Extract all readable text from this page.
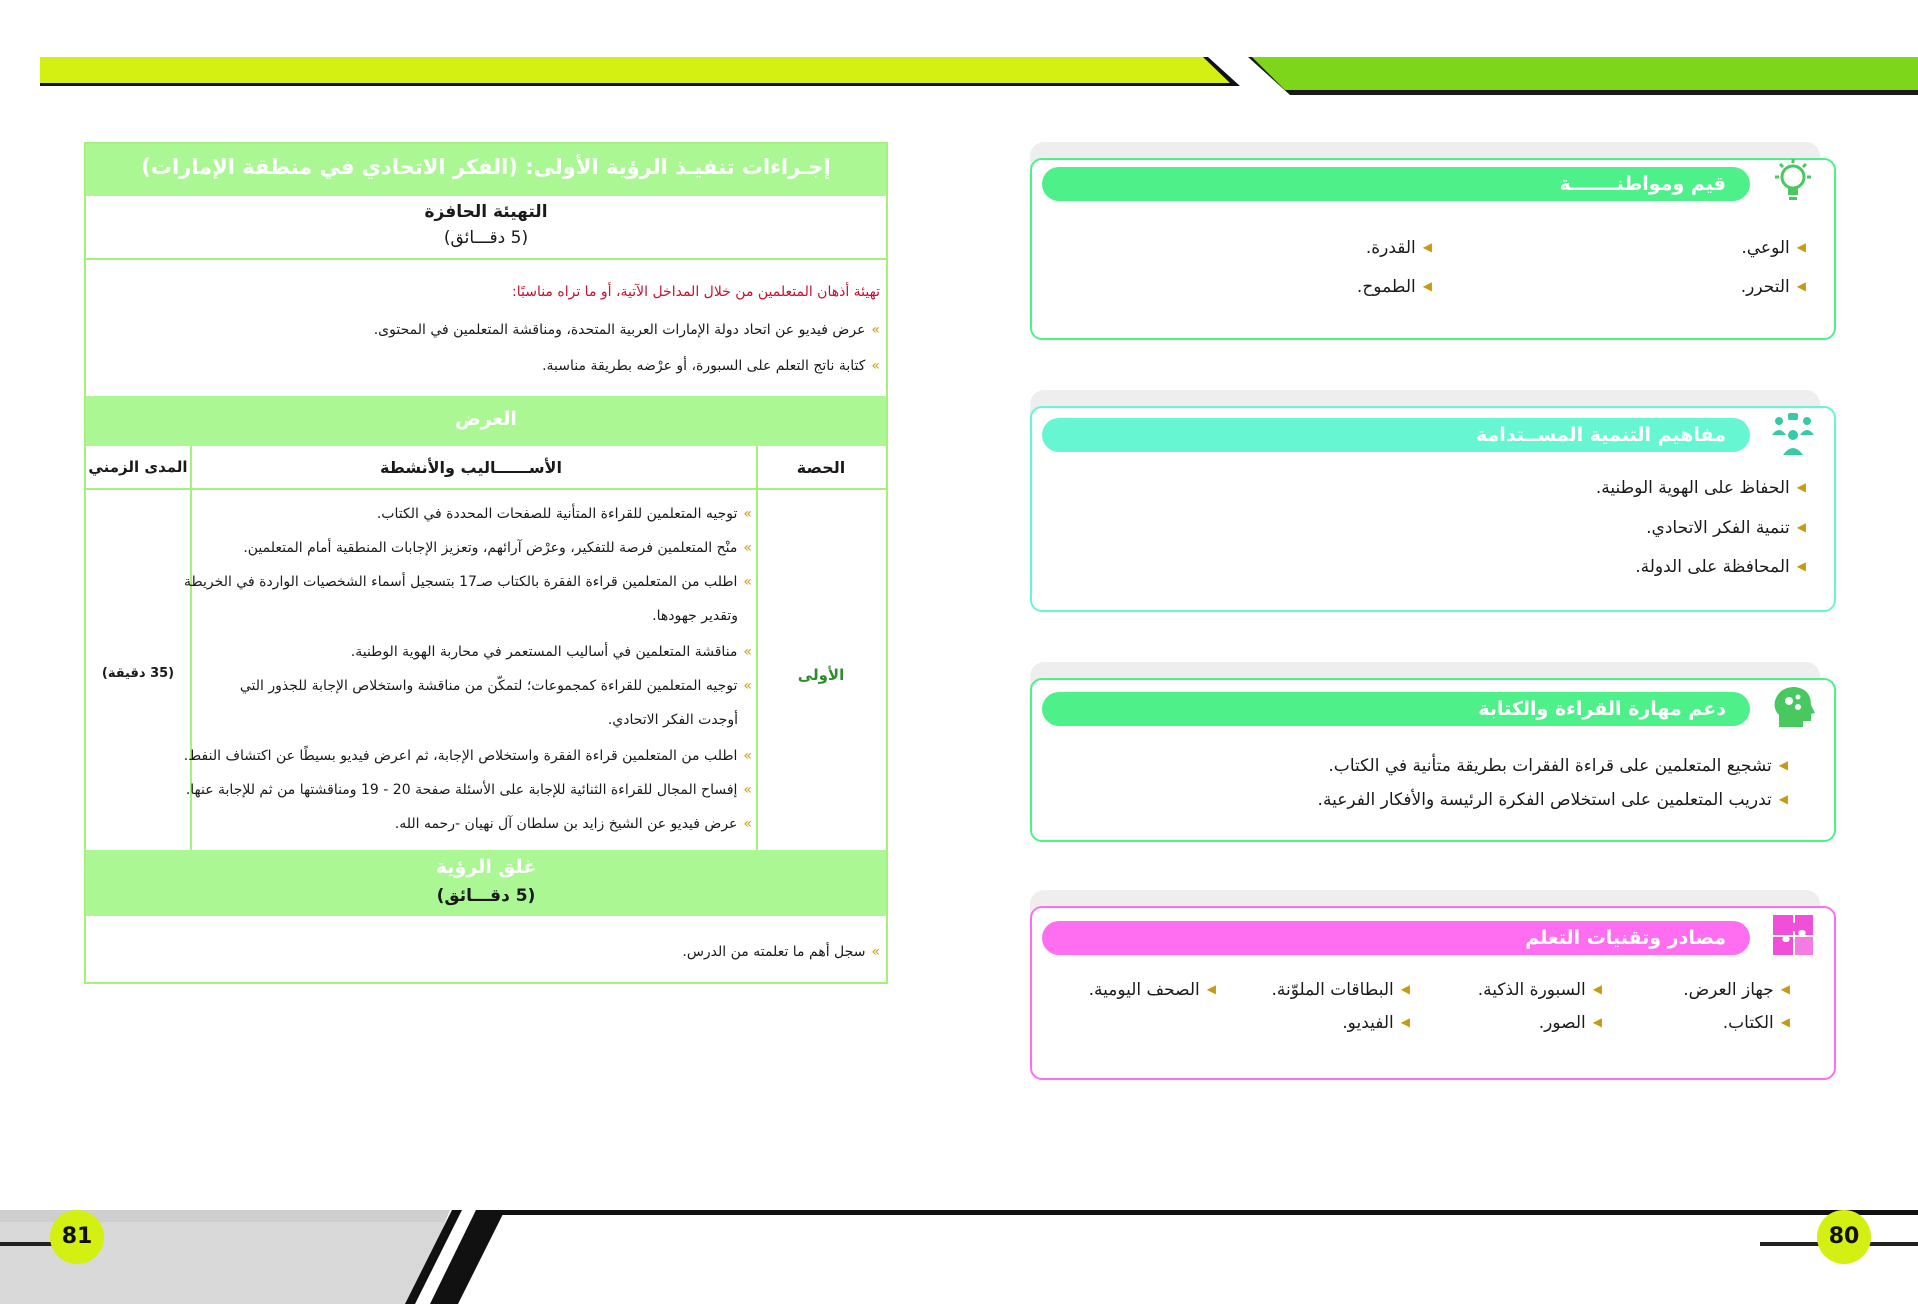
81	80
قيم ومواطنـــــــة
◀الوعي.
◀القدرة.
◀التحرر.
◀الطموح.
مفاهيم التنمية المســتدامة
◀الحفاظ على الهوية الوطنية.
◀تنمية الفكر الاتحادي.
◀المحافظة على الدولة.
دعم مهارة القراءة والكتابة
◀تشجيع المتعلمين على قراءة الفقرات بطريقة متأنية في الكتاب.
◀تدريب المتعلمين على استخلاص الفكرة الرئيسة والأفكار الفرعية.
مصادر وتقنيات التعلم
◀جهاز العرض.
◀السبورة الذكية.
◀البطاقات الملوّنة.
◀الصحف اليومية.
◀الكتاب.
◀الصور.
◀الفيديو.
إجـراءات تنفيـذ الرؤية الأولى: (الفكر الاتحادي في منطقة الإمارات)
التهيئة الحافزة
(5 دقـــائق)
تهيئة أذهان المتعلمين من خلال المداخل الآتية، أو ما تراه مناسبًا:
»عرض فيديو عن اتحاد دولة الإمارات العربية المتحدة، ومناقشة المتعلمين في المحتوى.
»كتابة ناتج التعلم على السبورة، أو عرْضه بطريقة مناسبة.
العرض
الحصة
الأســــــاليب والأنشطة
المدى الزمني
الأولى
(35 دقيقة)
»توجيه المتعلمين للقراءة المتأنية للصفحات المحددة في الكتاب.
»منْح المتعلمين فرصة للتفكير، وعرْض آرائهم، وتعزيز الإجابات المنطقية أمام المتعلمين.
»اطلب من المتعلمين قراءة الفقرة بالكتاب صـ17 بتسجيل أسماء الشخصيات الواردة في الخريطة
وتقدير جهودها.
»مناقشة المتعلمين في أساليب المستعمر في محاربة الهوية الوطنية.
»توجيه المتعلمين للقراءة كمجموعات؛ لتمكّن من مناقشة واستخلاص الإجابة للجذور التي
أوجدت الفكر الاتحادي.
»اطلب من المتعلمين قراءة الفقرة واستخلاص الإجابة، ثم اعرض فيديو بسيطًا عن اكتشاف النفط.
»إفساح المجال للقراءة الثنائية للإجابة على الأسئلة صفحة 20 - 19 ومناقشتها من ثم للإجابة عنها.
»عرض فيديو عن الشيخ زايد بن سلطان آل نهيان -رحمه الله.
غلق الرؤية
(5 دقـــائق)
»سجل أهم ما تعلمته من الدرس.
